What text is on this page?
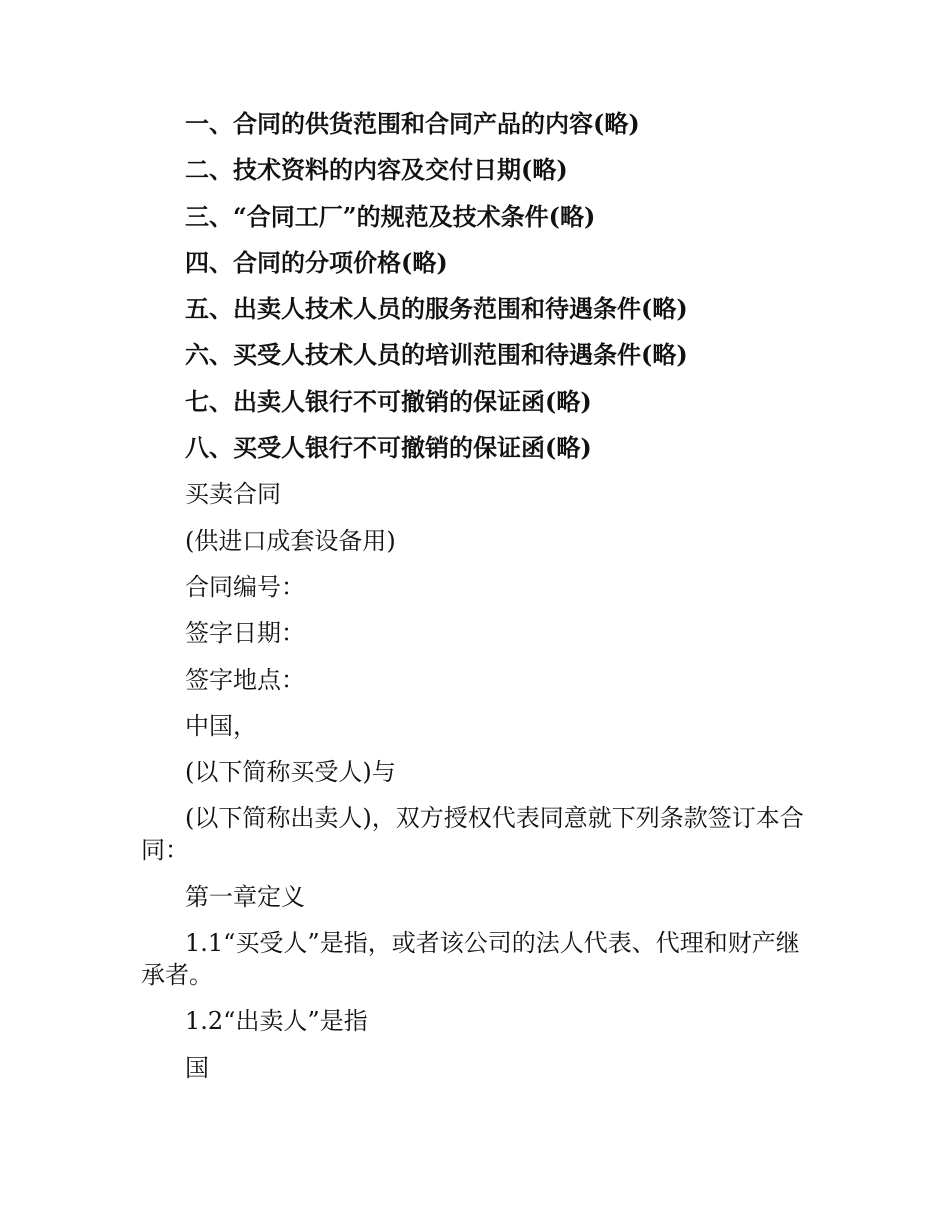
一、合同的供货范围和合同产品的内容(略)

二、技术资料的内容及交付日期(略)

三、“合同工厂”的规范及技术条件(略)

四、合同的分项价格(略)

五、出卖人技术人员的服务范围和待遇条件(略)

六、买受人技术人员的培训范围和待遇条件(略)

七、出卖人银行不可撤销的保证函(略)

八、买受人银行不可撤销的保证函(略)

买卖合同

(供进口成套设备用)

合同编号：

签字日期：

签字地点：

中国，

(以下简称买受人)与

(以下简称出卖人)，双方授权代表同意就下列条款签订本合同：

第一章定义

1.1“买受人”是指，或者该公司的法人代表、代理和财产继承者。

1.2“出卖人”是指

国
